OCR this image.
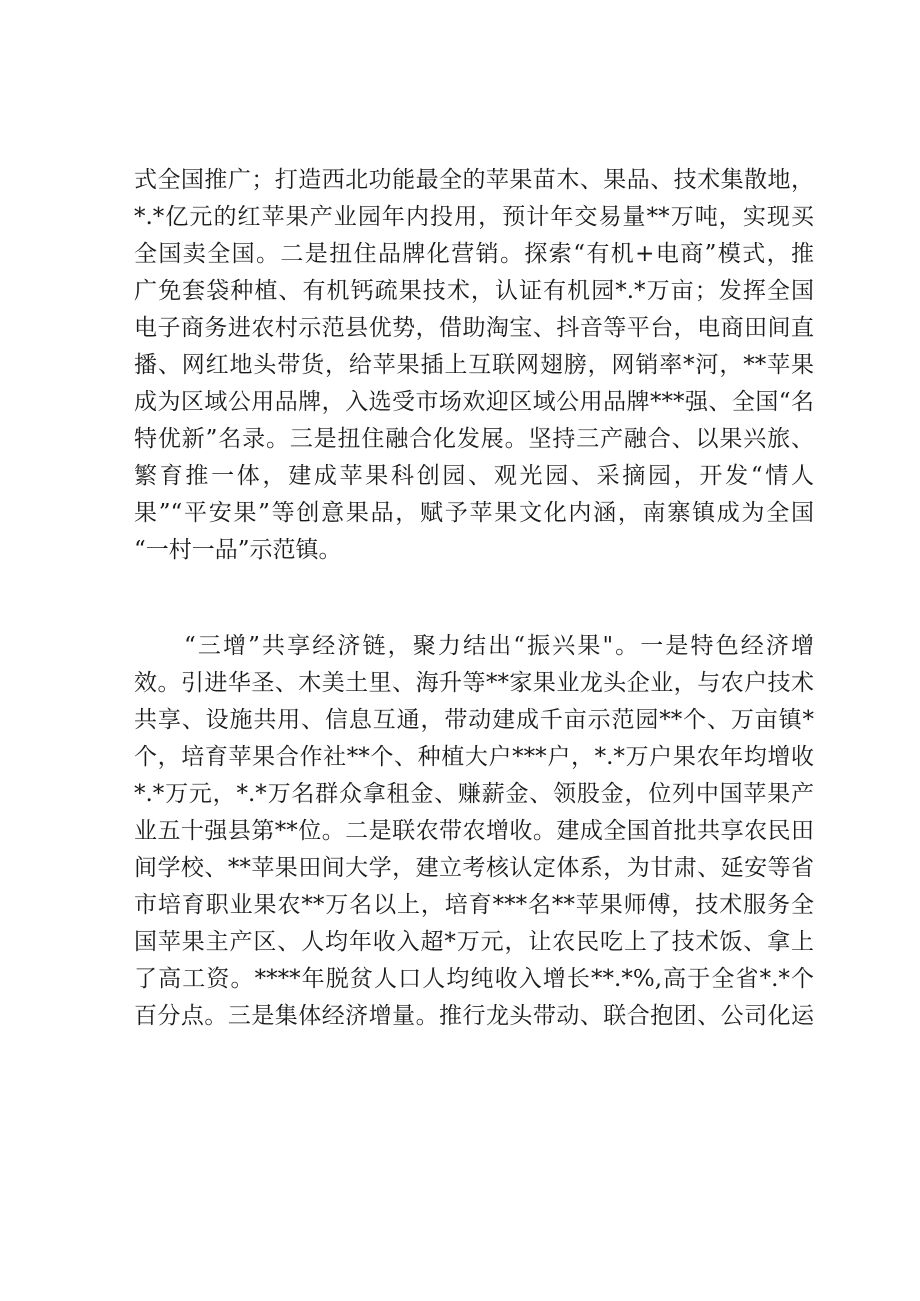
式全国推广；打造西北功能最全的苹果苗木、果品、技术集散地，
*.*亿元的红苹果产业园年内投用，预计年交易量**万吨，实现买
全国卖全国。二是扭住品牌化营销。探索“有机+电商”模式，推
广免套袋种植、有机钙疏果技术，认证有机园*.*万亩；发挥全国
电子商务进农村示范县优势，借助淘宝、抖音等平台，电商田间直
播、网红地头带货，给苹果插上互联网翅膀，网销率*河，**苹果
成为区域公用品牌，入选受市场欢迎区域公用品牌***强、全国“名
特优新”名录。三是扭住融合化发展。坚持三产融合、以果兴旅、
繁育推一体，建成苹果科创园、观光园、采摘园，开发“情人
果”“平安果”等创意果品，赋予苹果文化内涵，南寨镇成为全国
“一村一品”示范镇。
“三增”共享经济链，聚力结出“振兴果"。一是特色经济增
效。引进华圣、木美土里、海升等**家果业龙头企业，与农户技术
共享、设施共用、信息互通，带动建成千亩示范园**个、万亩镇*
个，培育苹果合作社**个、种植大户***户，*.*万户果农年均增收
*.*万元，*.*万名群众拿租金、赚薪金、领股金，位列中国苹果产
业五十强县第**位。二是联农带农增收。建成全国首批共享农民田
间学校、**苹果田间大学，建立考核认定体系，为甘肃、延安等省
市培育职业果农**万名以上，培育***名**苹果师傅，技术服务全
国苹果主产区、人均年收入超*万元，让农民吃上了技术饭、拿上
了高工资。****年脱贫人口人均纯收入增长**.*%,高于全省*.*个
百分点。三是集体经济增量。推行龙头带动、联合抱团、公司化运
